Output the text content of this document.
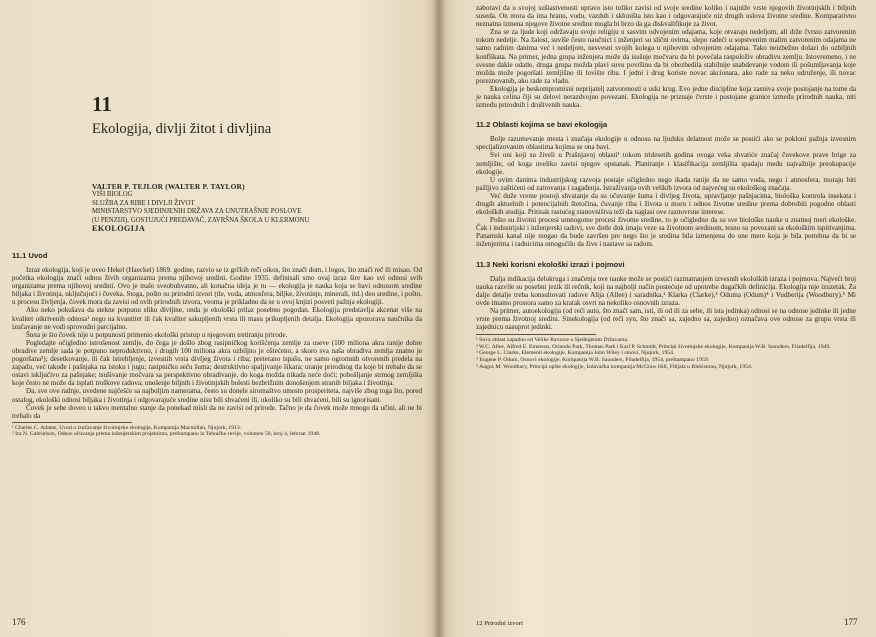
11
Ekologija, divlji žitot i divljina
VALTER P. TEJLOR (WALTER P. TAYLOR)
VIŠI BIOLOG
SLUŽBA ZA RIBE I DIVLJI ŽIVOT
MINISTARSTVO SJEDINJENIH DRŽAVA ZA UNUTRAŠNJE POSLOVE
(U PENZIJI), GOSTUJUĆI PREDAVAČ, ZAVRŠNA ŠKOLA U KLERMONU
EKOLOGIJA
11.1 Uvod

Izraz ekologija, koji je uveo Hekel (Haeckel) 1869. godine, razvio se iz grčkih reči oikos, što znači dom, i logos, što znači reč ili misao. Od početka ekologija znači odnos živih organizama prema njihovoj sredini. Godine 1935. definisali smo ovaj izraz širе kao svi odnosi svih organizama prema njihovoj sredini. Ovo je malo sveobuhvatno, ali konačna ideja je tu — ekologija je nauka koja se bavi odnosom sredine biljaka i životinja, uključujući i čoveka. Stoga, pošto su prirodni izvori (tle, voda, atmosfera, biljke, životinje, minerali, itd.) deo sredine, i pošto, u procesu življenja, čovek mora da zavisi od ovih prirodnih izvora, veoma je prikladno da se u ovoj knjizi posveti pažnja ekologiji.

Ako neko pokušava da stekne potpunu sliku divljine, onda je ekološki prilaz posebno pogodan. Ekologija predstavlja akcenat više na kvalitet otkrivenih odnosa¹ nego na kvantitet ili čak kvalitet sakupljenih vrsta ili masu prikupljenih detalja. Ekologija upozorava naučnika da izučavanje ne vodi sprovodni parcijalno.

Šteta je što čovek nije u potpunosti primenio ekološki pristup u njegovom tretiranju prirode.

Pogledajte očigledno istrošenost zemlje, do čega je došlo zbog rasipničkog korišćenja zemlje za useve (100 miliona akra ranije dobre obradive zemlje sada je potpuno neproduktivno, i drugih 100 miliona akra ozbiljno je oštećeno, a skoro sva naša obradiva zemlja znatno je pogoršana²); desetkovanje, ili čak istrebljenje, izvesnih vrsta divljeg života i riba; preterano ispašu, ne samo ogromnih otvorenih predela na zapadu, već takođe i pašnjaka na istoku i jugu; rasipničku seču šuma; destruktivno spaljivanje šikara; uranje prirodnog tla koje bi trebalo da se ostavi isključivo za pašnjake; isušivanje močvara sa perspektivno obradivanje, do koga možda nikada neće doći; pobošljanje strmog zemljišta koje često ne može da isplati troškove radova; unošenje biljnih i životinjskih bolesti bezbrižnim donošenjem stranih biljaka i životinja.

Da, sve ove radnje, uvedene najčešće sa najboljim namerama, često su donele siromaštvo umesto prosperiteta, najviše zbog toga što, pored ostalog, ekološki odnosi biljaka i životinja i odgovarajuće sredine nisu bili shvaćeni ili, ukoliko su bili shvaćeni, bili su ignorisani.

Čovek je sebe doveo u takvo mentalno stanje da ponekad misli da ne zavisi od prirode. Tačno je da čovek može mnogo da učini, ali ne bi trebalo da

¹ Charles C. Adams, Uvod u izučavanje životinjske ekologije, Kompanija Macmillan, Njujork, 1913.

² Ira N. Gabrielson, Odnos očuvanja prema inženjerskim projektima, preštampano iz Tehničke revije, volumen 50, broj 4, februar 1948.

176

zaboravi da u svojoj sušiastvenosti upravo isto toliko zavisi od svoje sredine koliko i najniže vrste njegovih životinjskih i biljnih suseda. On mora da ima hranu, vodu, vazduh i skloništa isto kao i odgovarajuće niz drugih uslova životne sredine. Komparativno neznatna izmena njegove životne sredine mogla bi brzo da ga diskvalifikuje za život.

Zna se za ljude koji održavaju svoju religiju u sasvim odvojenim odajama, koje otvaraju nedeljom, ali drže čvrsto zatvorenim tokom nedelje. Na žalost, suviše često naučnici i inženjeri su slični ovima, slepo radeći u sopstvenim malim zatvorenim odajama ne samo radnim danima već i nedeljom, nesvesni svojih kolega u njihovim odvojenim odajama. Tako neizbežno dolazi do ozbiljnih konflikata. Na primer, jedna grupa inženjera može da isušuje močvaru da bi povećala raspoloživ obradivu zemlju. Istovremeno, i ne svesne dakle odatle, druga grupa možda plavi suvu površinu da bi obezbedila stabilnije snabdevanje vodom ili pošumljavanja koje možda može pogoršati zemljišno ili lovište riba. I jedni i drug koriste novac akcionara, ako rade za neko udruženje, ili novac poreznovanih, ako rade za vladu.

Ekologija je beskompromisni neprijatelj zatvorenosti u uski krug. Evo jedne discipline koja zasniva svoje postojanje na tome da je nauka celina čiji su delovi nerazdvojno povezani. Ekologija ne priznaje čvrste i postojane granice između prirodnih nauka, niti između prirodnih i društvenih nauka.

11.2 Oblasti kojima se bavi ekologija

Bolje razumevanje mesta i značaja ekologije u odnosu na ljudsku delatnost može se postići ako se pokloni pažnja izvesnim specijalizovanim oblastima kojima se ona bavi.

Svi oni koji su živeli u Prašnjavoj oblasti¹ tokom tridesetih godina ovoga veka shvatiće značaj čuvekove prave brige za zemljište, od koga uveliko zavisi njegov opstanak. Planiranje i klasifikacija zemljišta spadaju među najvažnije preokupacije ekologije.

U ovim danima industrijskog razvoja postaje očigledno nego ikada ranije da ne samo voda, nego i atmosfera, moraju biti pažljivo zaštićeni od zatrovanja i zagađenja. Istraživanja ovih velikih izvora od najvećeg su ekološkog značaja.

Već duže vreme postoji shvatanje da su očuvanje šuma i divljeg života, upravljanje pašnjacima, biološka kontrola insekata i drugih aktuelnih i potencijalnih štetočina, čuvanje riba i života u moru i odnos životne sredine prema dobrobiti pogodne oblasti ekoloških studija. Pritisak rastućeg stanovništva teži da naglasi ove raznovrsne interese.

Pošto su životni procesi umnogome procesi životne sredine, to je očigledno da su sve biološke nauke u znatnoj meri ekološke. Čak i industrijski i inženjerski radovi, sve dotle dok imaju veze sa životnom sredinom, tesno su povezani sa ekološkim ispitivanjima. Panamski kanal nije mogao da bude završen pre nego što je sredina bila izmenjena do one mere koja je bila potrebna da bi se inženjerima i radnicima omogućilo da žive i nastave sa radom.

11.3 Neki korisni ekološki izrazi i pojmovi

Dalja indikacija delokruga i značenja ove nauke može se postići razmatranjem izvesnih ekoloških izraza i pojmova. Najveći broj nauka razvile su posebni jezik ili rečnik, koji na najbolji način postećuje od upotrebe dugačkih definicija. Ekologija nije izuzetak. Za dalje detalje treba konsultovati radove Alija (Allee) i saradnika,² Klarka (Clarke),³ Oduma (Odum)⁴ i Vudberija (Woodbury).⁵ Mi ovde imamo prostora samo za kratak osvrt na nekoliko osnovnih izraza.

Na primer, autoekologija (od reči auto, što znači sam, isti, ili od ili za sebe, ili ista jedinka) odnosi se na odnose jedinke ili jedne vrste prema životnoj sredini. Sinekologija (od reči syn, što znači sa, zajedno sa, zajedno) označava ove odnose za grupu vrsta ili zajednicu nasuprot jedinki.

¹ Suva oblast zapadno od Velike Ravnice u Sjedinjenim Državama.

² W.C. Allee, Alfred E. Emerson, Orlando Park, Thomas Park i Karl P. Schmidt, Principi životinjske ekologije, Kompanija W.B. Saunders, Filadelfija, 1949.

³ George L. Clarke, Elementi ekologije, Kompanija John Wiley i sinovi, Njujork, 1954.

⁴ Eugene P. Odum, Osnovi ekologije, Kompanija W.B. Saunders, Filadelfija, 1954, preštampano 1959.

⁵ Angus M. Woodbury, Principi opšte ekologije, Izdavačka kompanija McGraw Hill, Filijala u Blekistonu, Njujork, 1954.

12 Prirodni izvori	177
